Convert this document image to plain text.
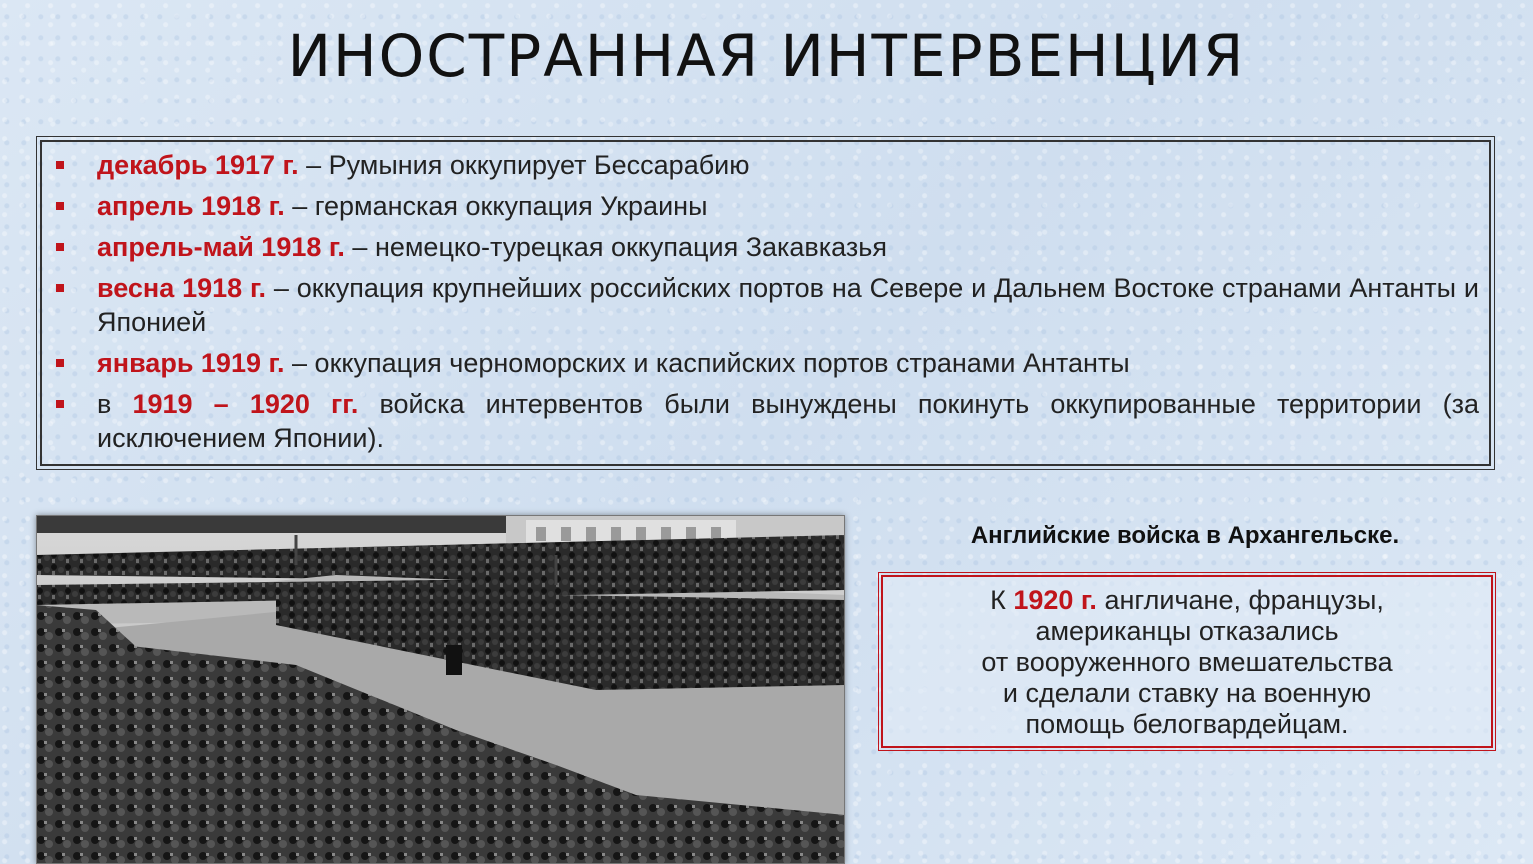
ИНОСТРАННАЯ ИНТЕРВЕНЦИЯ
декабрь 1917 г. – Румыния оккупирует Бессарабию
апрель 1918 г. – германская оккупация Украины
апрель-май 1918 г. – немецко-турецкая оккупация Закавказья
весна 1918 г. – оккупация крупнейших российских портов на Севере и Дальнем Востоке странами Антанты и Японией
январь 1919 г. – оккупация черноморских и каспийских портов странами Антанты
в 1919 – 1920 гг. войска интервентов были вынуждены покинуть оккупированные территории (за исключением Японии).
Английские войска в Архангельске.
К 1920 г. англичане, французы,
американцы отказались
от вооруженного вмешательства
и сделали ставку на военную
помощь белогвардейцам.
